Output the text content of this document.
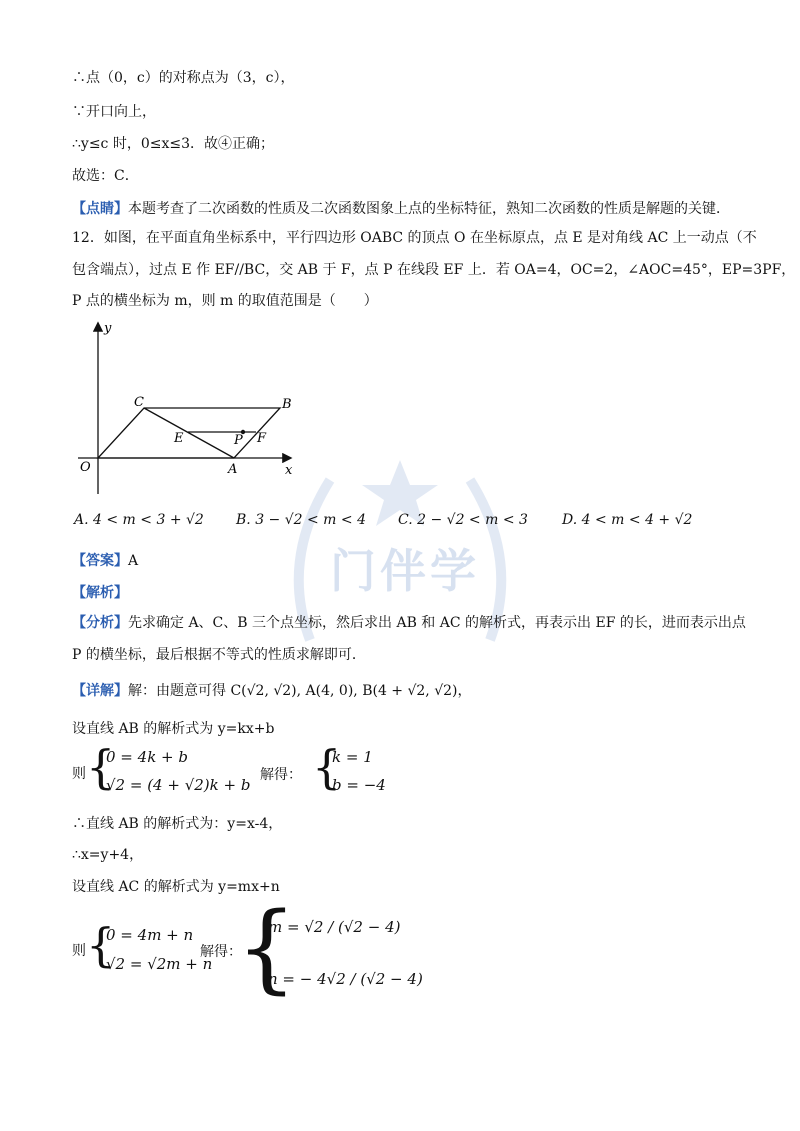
门伴学
∴点（0，c）的对称点为（3，c），
∵开口向上，
∴y≤c 时，0≤x≤3．故④正确；
故选：C．
【点睛】本题考查了二次函数的性质及二次函数图象上点的坐标特征，熟知二次函数的性质是解题的关键．
12．如图，在平面直角坐标系中，平行四边形 OABC 的顶点 O 在坐标原点，点 E 是对角线 AC 上一动点（不
包含端点），过点 E 作 EF//BC，交 AB 于 F，点 P 在线段 EF 上．若 OA=4，OC=2，∠AOC=45°，EP=3PF，
P 点的横坐标为 m，则 m 的取值范围是（　　）
y
x
O	A
B
C
E	P F
A. 4 < m < 3 + √2 B. 3 − √2 < m < 4 C. 2 − √2 < m < 3 D. 4 < m < 4 + √2
【答案】A
【解析】
【分析】先求确定 A、C、B 三个点坐标，然后求出 AB 和 AC 的解析式，再表示出 EF 的长，进而表示出点
P 的横坐标，最后根据不等式的性质求解即可．
【详解】解：由题意可得 C(√2, √2), A(4, 0), B(4 + √2, √2)，
设直线 AB 的解析式为 y=kx+b
则 {
0 = 4k + b
√2 = (4 + √2)k + b
解得： {
k = 1
b = −4
∴直线 AB 的解析式为：y=x-4，
∴x=y+4，
设直线 AC 的解析式为 y=mx+n
则 {
0 = 4m + n
√2 = √2m + n
解得：
{
m = √2 / (√2 − 4)
n = − 4√2 / (√2 − 4)
